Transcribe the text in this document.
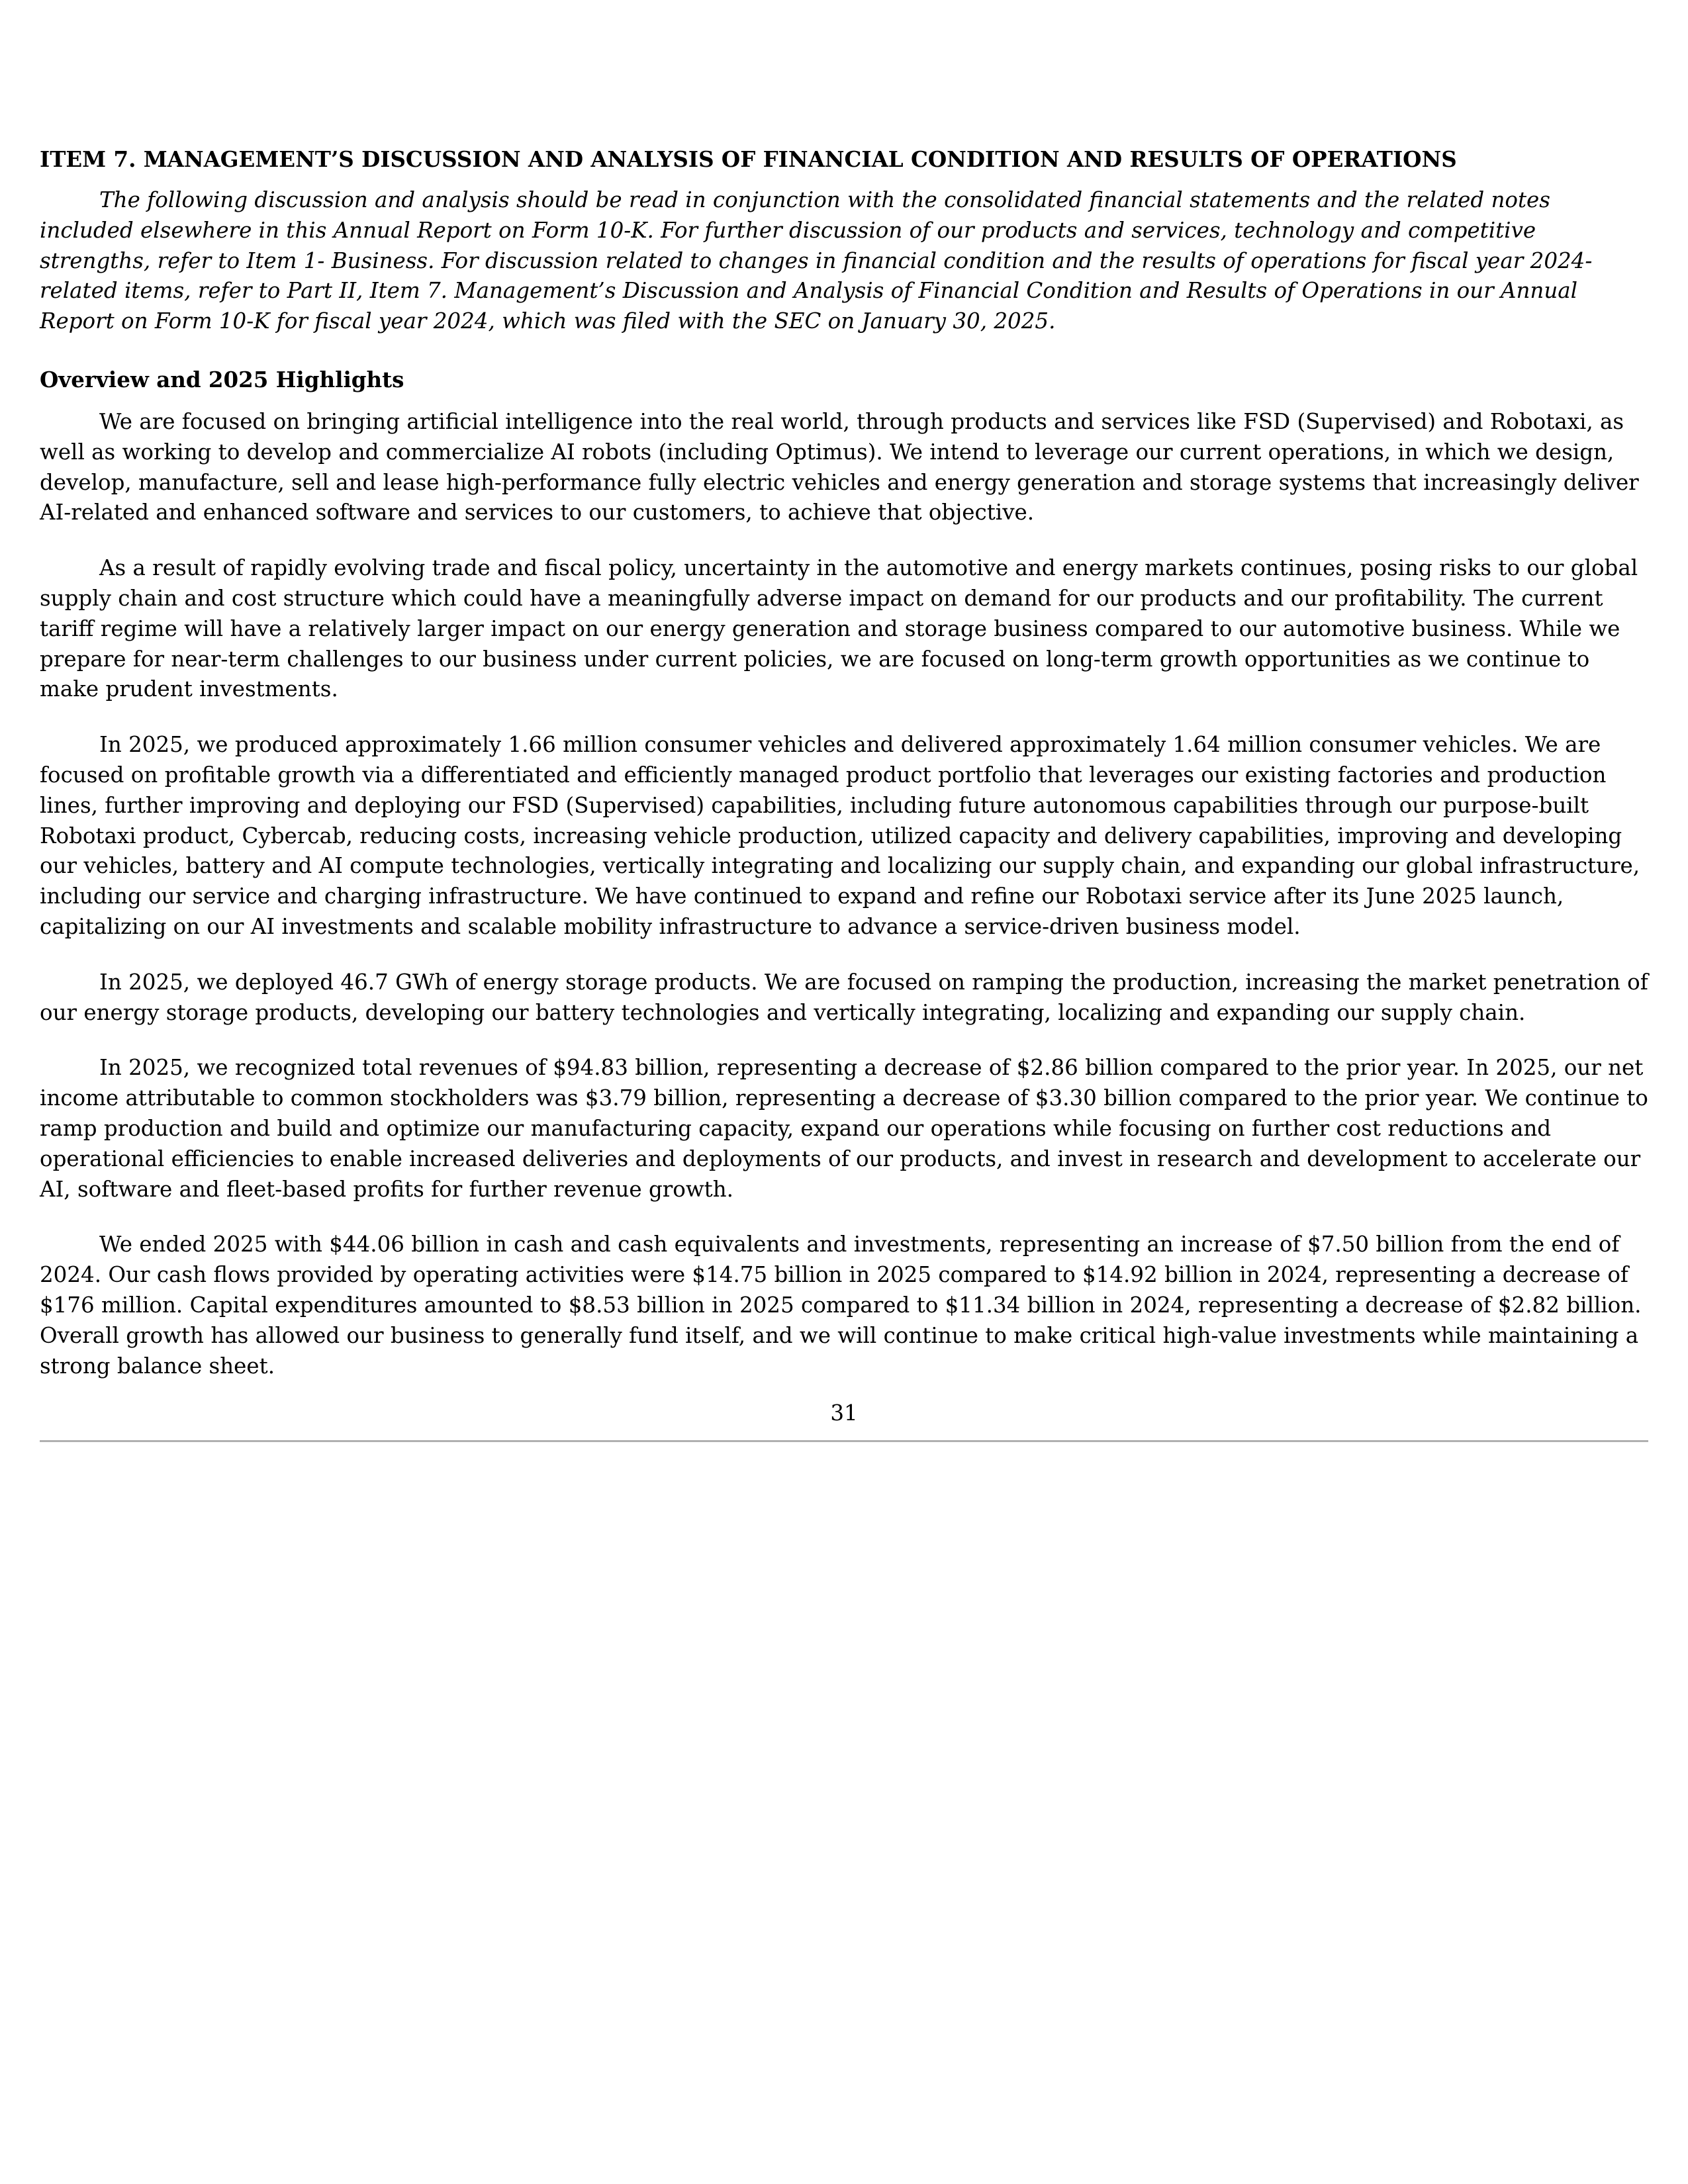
ITEM 7. MANAGEMENT’S DISCUSSION AND ANALYSIS OF FINANCIAL CONDITION AND RESULTS OF OPERATIONS

The following discussion and analysis should be read in conjunction with the consolidated financial statements and the related notes included elsewhere in this Annual Report on Form 10-K. For further discussion of our products and services, technology and competitive strengths, refer to Item 1- Business. For discussion related to changes in financial condition and the results of operations for fiscal year 2024-related items, refer to Part II, Item 7. Management’s Discussion and Analysis of Financial Condition and Results of Operations in our Annual Report on Form 10-K for fiscal year 2024, which was filed with the SEC on January 30, 2025.

Overview and 2025 Highlights

We are focused on bringing artificial intelligence into the real world, through products and services like FSD (Supervised) and Robotaxi, as well as working to develop and commercialize AI robots (including Optimus). We intend to leverage our current operations, in which we design, develop, manufacture, sell and lease high-performance fully electric vehicles and energy generation and storage systems that increasingly deliver AI-related and enhanced software and services to our customers, to achieve that objective.

As a result of rapidly evolving trade and fiscal policy, uncertainty in the automotive and energy markets continues, posing risks to our global supply chain and cost structure which could have a meaningfully adverse impact on demand for our products and our profitability. The current tariff regime will have a relatively larger impact on our energy generation and storage business compared to our automotive business. While we prepare for near-term challenges to our business under current policies, we are focused on long-term growth opportunities as we continue to make prudent investments.

In 2025, we produced approximately 1.66 million consumer vehicles and delivered approximately 1.64 million consumer vehicles. We are focused on profitable growth via a differentiated and efficiently managed product portfolio that leverages our existing factories and production lines, further improving and deploying our FSD (Supervised) capabilities, including future autonomous capabilities through our purpose-built Robotaxi product, Cybercab, reducing costs, increasing vehicle production, utilized capacity and delivery capabilities, improving and developing our vehicles, battery and AI compute technologies, vertically integrating and localizing our supply chain, and expanding our global infrastructure, including our service and charging infrastructure. We have continued to expand and refine our Robotaxi service after its June 2025 launch, capitalizing on our AI investments and scalable mobility infrastructure to advance a service-driven business model.

In 2025, we deployed 46.7 GWh of energy storage products. We are focused on ramping the production, increasing the market penetration of our energy storage products, developing our battery technologies and vertically integrating, localizing and expanding our supply chain.

In 2025, we recognized total revenues of $94.83 billion, representing a decrease of $2.86 billion compared to the prior year. In 2025, our net income attributable to common stockholders was $3.79 billion, representing a decrease of $3.30 billion compared to the prior year. We continue to ramp production and build and optimize our manufacturing capacity, expand our operations while focusing on further cost reductions and operational efficiencies to enable increased deliveries and deployments of our products, and invest in research and development to accelerate our AI, software and fleet-based profits for further revenue growth.

We ended 2025 with $44.06 billion in cash and cash equivalents and investments, representing an increase of $7.50 billion from the end of 2024. Our cash flows provided by operating activities were $14.75 billion in 2025 compared to $14.92 billion in 2024, representing a decrease of $176 million. Capital expenditures amounted to $8.53 billion in 2025 compared to $11.34 billion in 2024, representing a decrease of $2.82 billion. Overall growth has allowed our business to generally fund itself, and we will continue to make critical high-value investments while maintaining a strong balance sheet.

31
